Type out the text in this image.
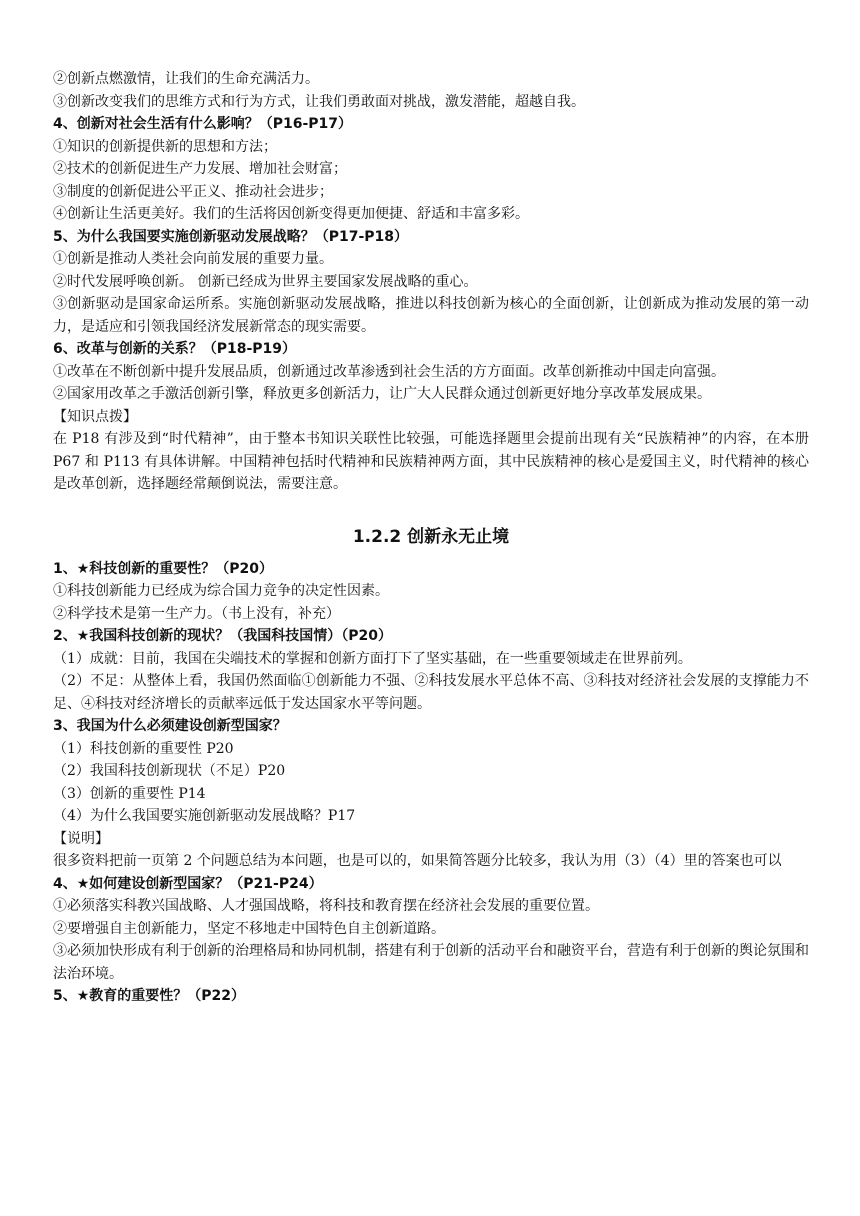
②创新点燃激情，让我们的生命充满活力。
③创新改变我们的思维方式和行为方式，让我们勇敢面对挑战，激发潜能，超越自我。
4、创新对社会生活有什么影响？（P16-P17）
①知识的创新提供新的思想和方法；
②技术的创新促进生产力发展、增加社会财富；
③制度的创新促进公平正义、推动社会进步；
④创新让生活更美好。我们的生活将因创新变得更加便捷、舒适和丰富多彩。
5、为什么我国要实施创新驱动发展战略？（P17-P18）
①创新是推动人类社会向前发展的重要力量。
②时代发展呼唤创新。 创新已经成为世界主要国家发展战略的重心。
③创新驱动是国家命运所系。实施创新驱动发展战略，推进以科技创新为核心的全面创新，让创新成为推动发展的第一动力，是适应和引领我国经济发展新常态的现实需要。
6、改革与创新的关系？（P18-P19）
①改革在不断创新中提升发展品质，创新通过改革渗透到社会生活的方方面面。改革创新推动中国走向富强。
②国家用改革之手激活创新引擎，释放更多创新活力，让广大人民群众通过创新更好地分享改革发展成果。
【知识点拨】
在 P18 有涉及到“时代精神”，由于整本书知识关联性比较强，可能选择题里会提前出现有关“民族精神”的内容，在本册 P67 和 P113 有具体讲解。中国精神包括时代精神和民族精神两方面，其中民族精神的核心是爱国主义，时代精神的核心是改革创新，选择题经常颠倒说法，需要注意。
1.2.2 创新永无止境
1、★科技创新的重要性？（P20）
①科技创新能力已经成为综合国力竞争的决定性因素。
②科学技术是第一生产力。（书上没有，补充）
2、★我国科技创新的现状？（我国科技国情）（P20）
（1）成就：目前，我国在尖端技术的掌握和创新方面打下了坚实基础，在一些重要领域走在世界前列。
（2）不足：从整体上看，我国仍然面临①创新能力不强、②科技发展水平总体不高、③科技对经济社会发展的支撑能力不足、④科技对经济增长的贡献率远低于发达国家水平等问题。
3、我国为什么必须建设创新型国家？
（1）科技创新的重要性 P20
（2）我国科技创新现状（不足）P20
（3）创新的重要性 P14
（4）为什么我国要实施创新驱动发展战略？P17
【说明】
很多资料把前一页第 2 个问题总结为本问题，也是可以的，如果简答题分比较多，我认为用（3）（4）里的答案也可以
4、★如何建设创新型国家？（P21-P24）
①必须落实科教兴国战略、人才强国战略，将科技和教育摆在经济社会发展的重要位置。
②要增强自主创新能力，坚定不移地走中国特色自主创新道路。
③必须加快形成有利于创新的治理格局和协同机制，搭建有利于创新的活动平台和融资平台，营造有利于创新的舆论氛围和法治环境。
5、★教育的重要性？（P22）
